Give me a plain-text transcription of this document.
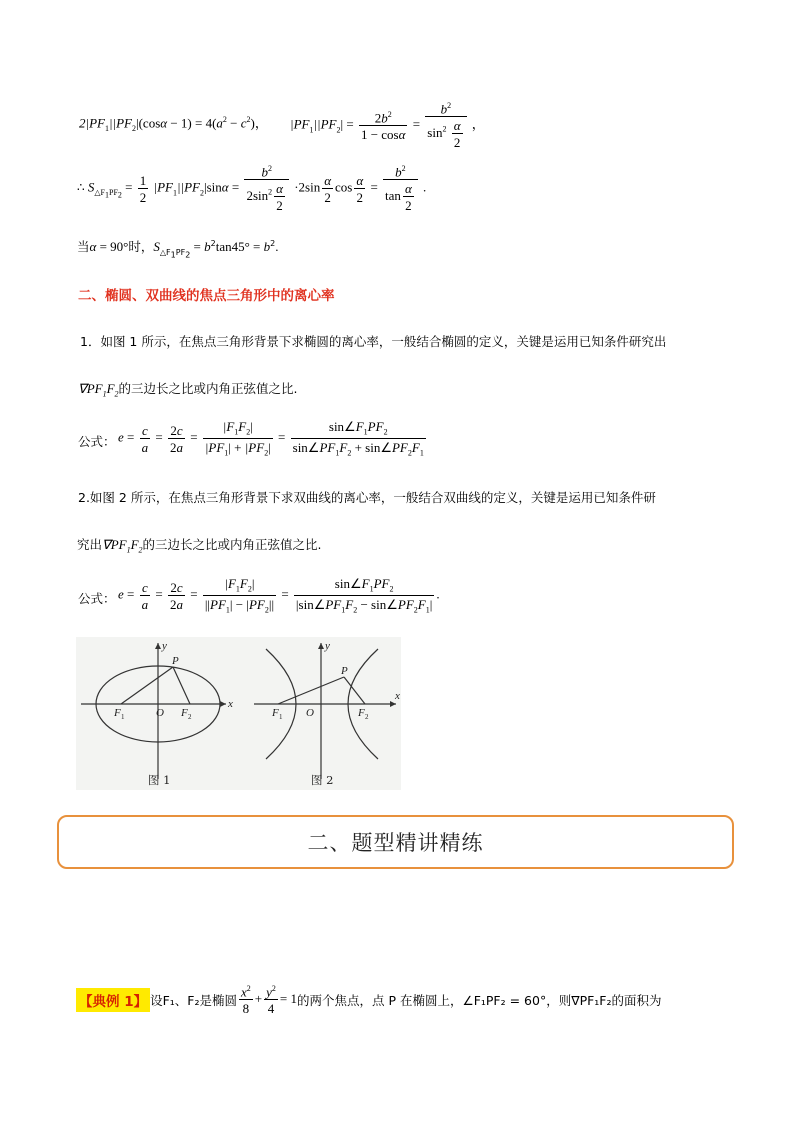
$2|PF_1||PF_2|(\cos\alpha - 1) = 4(a^2 - c^2)$， $|PF_1||PF_2| = \frac{2b^2}{1 - \cos\alpha} = \frac{b^2}{\sin^2 \frac{\alpha}{2}}$ ，
∴ $S_{\triangle F_1PF_2} = \frac{1}{2} |PF_1||PF_2|\sin\alpha = \frac{b^2}{2\sin^2 \frac{\alpha}{2}} \cdot 2\sin \frac{\alpha}{2}$ $\cos \frac{\alpha}{2} = \frac{b^2}{\tan \frac{\alpha}{2}}$ .
当α = 90°时，$S_{\triangle F_1PF_2} = b^2\tan 45^\circ = b^2$.
二、椭圆、双曲线的焦点三角形中的离心率
1．如图 1 所示，在焦点三角形背景下求椭圆的离心率，一般结合椭圆的定义，关键是运用已知条件研究出
$\nabla PF_1F_2$的三边长之比或内角正弦值之比.
公式： $e = \frac{c}{a} = \frac{2c}{2a} = \frac{|F_1F_2|}{|PF_1| + |PF_2|} = \frac{\sin\angle F_1PF_2}{\sin\angle PF_1F_2 + \sin\angle PF_2F_1}$
2.如图 2 所示，在焦点三角形背景下求双曲线的离心率，一般结合双曲线的定义，关键是运用已知条件研
究出$\nabla PF_1F_2$的三边长之比或内角正弦值之比.
公式： $e = \frac{c}{a} = \frac{2c}{2a} = \frac{|F_1F_2|}{||PF_1| - |PF_2||} = \frac{\sin\angle F_1PF_2}{|\sin\angle PF_1F_2 - \sin\angle PF_2F_1|}$ .
P
x
y
O
F 1	F 2
P
x
y
O
F 1	F 2
图 1	图 2
二、题型精讲精练
【典例 1】 设F₁、F₂是椭圆 $\frac{x^2}{8} + \frac{y^2}{4} = 1$ 的两个焦点，点 P 在椭圆上，∠F₁PF₂ = 60°，则∇PF₁F₂的面积为
